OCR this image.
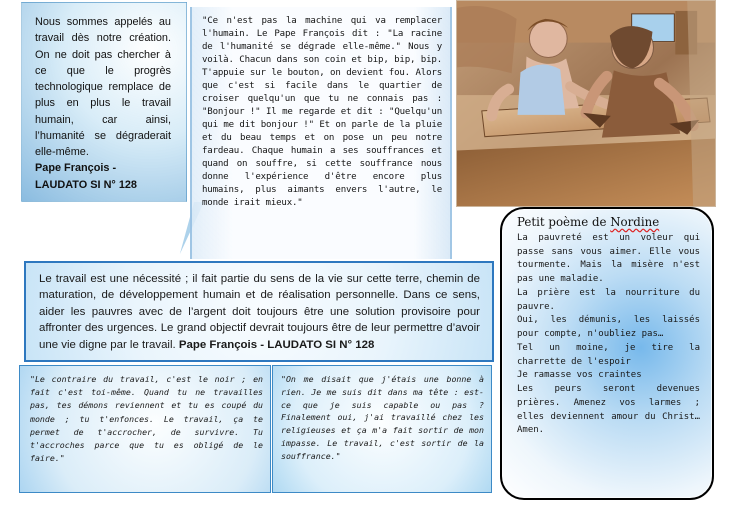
Nous sommes appelés au travail dès notre création. On ne doit pas chercher à ce que le progrès technologique remplace de plus en plus le travail humain, car ainsi, l’humanité se dégraderait elle-même.
Pape François - LAUDATO SI N° 128
"Ce n'est pas la machine qui va remplacer l'humain. Le Pape François dit : "La racine de l'humanité se dégrade elle-même." Nous y voilà. Chacun dans son coin et bip, bip, bip. T'appuie sur le bouton, on devient fou. Alors que c'est si facile dans le quartier de croiser quelqu'un que tu ne connais pas : "Bonjour !" Il me regarde et dit : "Quelqu'un qui me dit bonjour !" Et on parle de la pluie et du beau temps et on pose un peu notre fardeau. Chaque humain a ses souffrances et quand on souffre, si cette souffrance nous donne l'expérience d'être encore plus humains, plus aimants envers l'autre, le monde irait mieux."
Petit poème de Nordine
La pauvreté est un voleur qui passe sans vous aimer. Elle vous tourmente. Mais la misère n'est pas une maladie.
La prière est la nourriture du pauvre.
Oui, les démunis, les laissés pour compte, n'oubliez pas…
Tel un moine, je tire la charrette de l'espoir
Je ramasse vos craintes
Les peurs seront devenues prières. Amenez vos larmes ; elles deviennent amour du Christ… Amen.
Le travail est une nécessité ; il fait partie du sens de la vie sur cette terre, chemin de maturation, de développement humain et de réalisation personnelle. Dans ce sens, aider les pauvres avec de l’argent doit toujours être une solution provisoire pour affronter des urgences. Le grand objectif devrait toujours être de leur permettre d’avoir une vie digne par le travail. Pape François - LAUDATO SI N° 128
"Le contraire du travail, c'est le noir ; en fait c'est toi-même. Quand tu ne travailles pas, tes démons reviennent et tu es coupé du monde ; tu t'enfonces. Le travail, ça te permet de t'accrocher, de survivre. Tu t'accroches parce que tu es obligé de le faire."
"On me disait que j'étais une bonne à rien. Je me suis dit dans ma tête : est-ce que je suis capable ou pas ? Finalement oui, j'ai travaillé chez les religieuses et ça m'a fait sortir de mon impasse. Le travail, c'est sortir de la souffrance."
